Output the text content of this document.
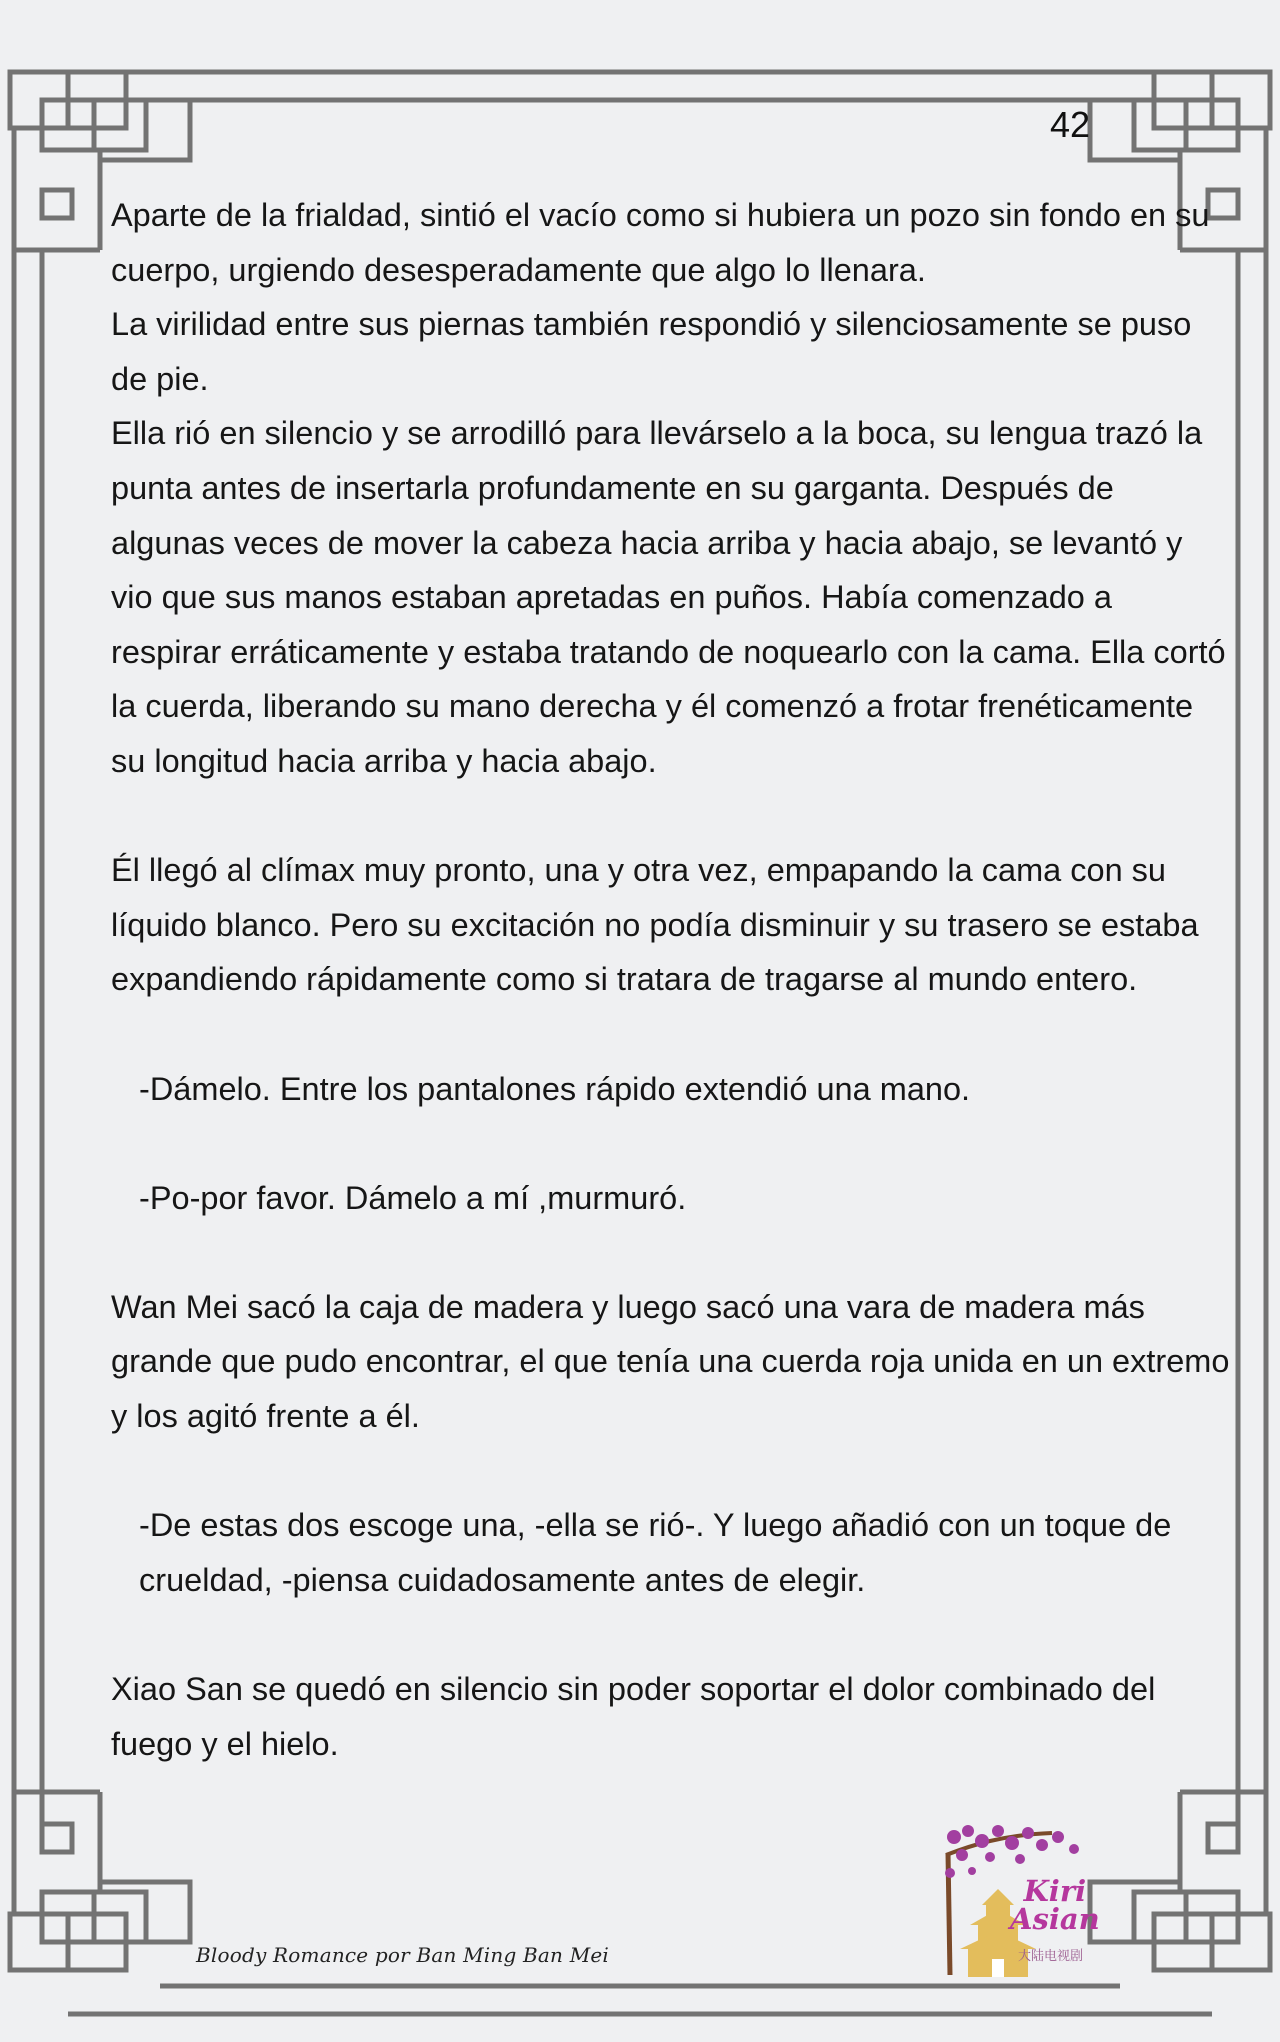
42

Aparte de la frialdad, sintió el vacío como si hubiera un pozo sin fondo en su cuerpo, urgiendo desesperadamente que algo lo llenara.

La virilidad entre sus piernas también respondió y silenciosamente se puso de pie.

Ella rió en silencio y se arrodilló para llevárselo a la boca, su lengua trazó la punta antes de insertarla profundamente en su garganta. Después de algunas veces de mover la cabeza hacia arriba y hacia abajo, se levantó y vio que sus manos estaban apretadas en puños. Había comenzado a respirar erráticamente y estaba tratando de noquearlo con la cama. Ella cortó la cuerda, liberando su mano derecha y él comenzó a frotar frenéticamente su longitud hacia arriba y hacia abajo.

Él llegó al clímax muy pronto, una y otra vez, empapando la cama con su líquido blanco. Pero su excitación no podía disminuir y su trasero se estaba expandiendo rápidamente como si tratara de tragarse al mundo entero.

-Dámelo. Entre los pantalones rápido extendió una mano.

-Po-por favor. Dámelo a mí ,murmuró.

Wan Mei sacó la caja de madera y luego sacó una vara de madera más grande que pudo encontrar, el que tenía una cuerda roja unida en un extremo y los agitó frente a él.

-De estas dos escoge una, -ella se rió-. Y luego añadió con un toque de crueldad, -piensa cuidadosamente antes de elegir.

Xiao San se quedó en silencio sin poder soportar el dolor combinado del fuego y el hielo.

Bloody Romance por Ban Ming Ban Mei
Kiri
Asian
大陆电视剧
